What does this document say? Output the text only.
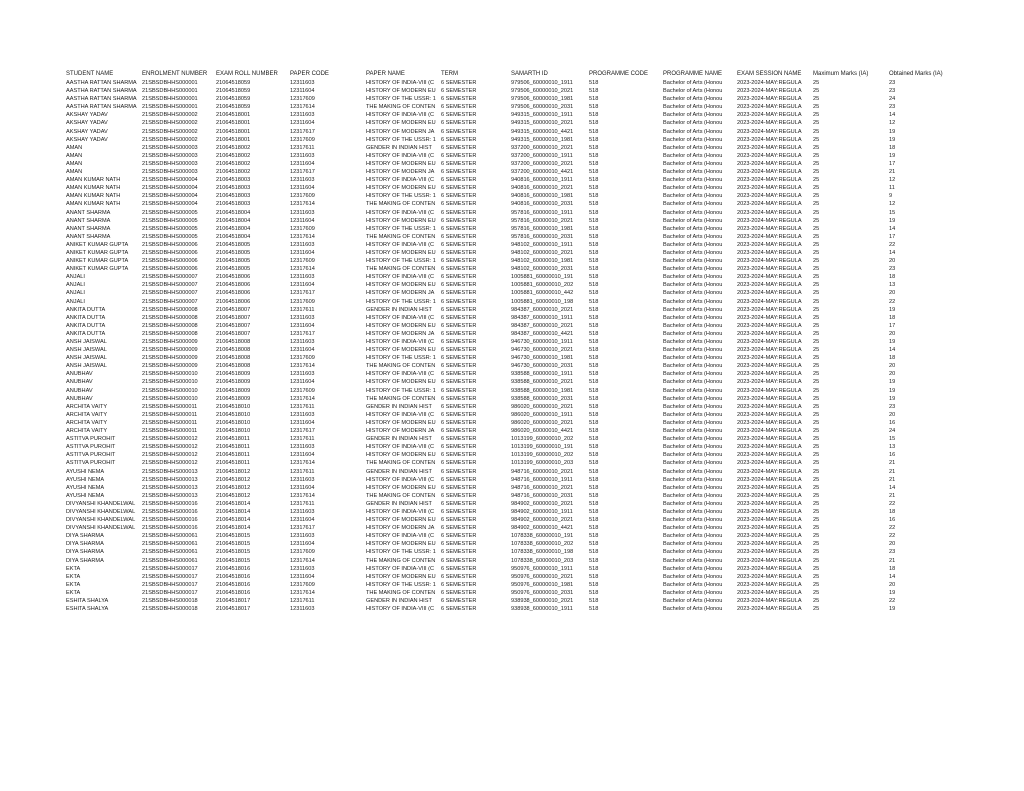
STUDENT NAME	ENROLMENT NUMBER	EXAM ROLL NUMBER	PAPER CODE	PAPER NAME	TERM	SAMARTH ID	PROGRAMME CODE	PROGRAMME NAME	EXAM SESSION NAME	Maximum Marks (IA)	Obtained Marks (IA)
AASTHA RATTAN SHARMA	21SBSDBHHS000001	21064518059	12311603	HISTORY OF INDIA-VIII (C	6 SEMESTER	979506_60000010_1911	518	Bachelor of Arts (Honou	2023-2024-MAY:REGULA	25	23
AASTHA RATTAN SHARMA	21SBSDBHHS000001	21064518059	12311604	HISTORY OF MODERN EU	6 SEMESTER	979506_60000010_2021	518	Bachelor of Arts (Honou	2023-2024-MAY:REGULA	25	23
AASTHA RATTAN SHARMA	21SBSDBHHS000001	21064518059	12317609	HISTORY OF THE USSR: 1	6 SEMESTER	979506_60000010_1981	518	Bachelor of Arts (Honou	2023-2024-MAY:REGULA	25	24
AASTHA RATTAN SHARMA	21SBSDBHHS000001	21064518059	12317614	THE MAKING OF CONTEN	6 SEMESTER	979506_60000010_2031	518	Bachelor of Arts (Honou	2023-2024-MAY:REGULA	25	23
AKSHAY YADAV	21SBSDBHHS000002	21064518001	12311603	HISTORY OF INDIA-VIII (C	6 SEMESTER	949315_60000010_1911	518	Bachelor of Arts (Honou	2023-2024-MAY:REGULA	25	14
AKSHAY YADAV	21SBSDBHHS000002	21064518001	12311604	HISTORY OF MODERN EU	6 SEMESTER	949315_60000010_2021	518	Bachelor of Arts (Honou	2023-2024-MAY:REGULA	25	12
AKSHAY YADAV	21SBSDBHHS000002	21064518001	12317617	HISTORY OF MODERN JA	6 SEMESTER	949315_60000010_4421	518	Bachelor of Arts (Honou	2023-2024-MAY:REGULA	25	19
AKSHAY YADAV	21SBSDBHHS000002	21064518001	12317609	HISTORY OF THE USSR: 1	6 SEMESTER	949315_60000010_1981	518	Bachelor of Arts (Honou	2023-2024-MAY:REGULA	25	19
AMAN	21SBSDBHHS000003	21064518002	12317611	GENDER IN INDIAN HIST	6 SEMESTER	937200_60000010_2021	518	Bachelor of Arts (Honou	2023-2024-MAY:REGULA	25	18
AMAN	21SBSDBHHS000003	21064518002	12311603	HISTORY OF INDIA-VIII (C	6 SEMESTER	937200_60000010_1911	518	Bachelor of Arts (Honou	2023-2024-MAY:REGULA	25	19
AMAN	21SBSDBHHS000003	21064518002	12311604	HISTORY OF MODERN EU	6 SEMESTER	937200_60000010_2021	518	Bachelor of Arts (Honou	2023-2024-MAY:REGULA	25	17
AMAN	21SBSDBHHS000003	21064518002	12317617	HISTORY OF MODERN JA	6 SEMESTER	937200_60000010_4421	518	Bachelor of Arts (Honou	2023-2024-MAY:REGULA	25	21
AMAN KUMAR NATH	21SBSDBHHS000004	21064518003	12311603	HISTORY OF INDIA-VIII (C	6 SEMESTER	940816_60000010_1911	518	Bachelor of Arts (Honou	2023-2024-MAY:REGULA	25	12
AMAN KUMAR NATH	21SBSDBHHS000004	21064518003	12311604	HISTORY OF MODERN EU	6 SEMESTER	940816_60000010_2021	518	Bachelor of Arts (Honou	2023-2024-MAY:REGULA	25	11
AMAN KUMAR NATH	21SBSDBHHS000004	21064518003	12317609	HISTORY OF THE USSR: 1	6 SEMESTER	940816_60000010_1981	518	Bachelor of Arts (Honou	2023-2024-MAY:REGULA	25	9
AMAN KUMAR NATH	21SBSDBHHS000004	21064518003	12317614	THE MAKING OF CONTEN	6 SEMESTER	940816_60000010_2031	518	Bachelor of Arts (Honou	2023-2024-MAY:REGULA	25	12
ANANT SHARMA	21SBSDBHHS000005	21064518004	12311603	HISTORY OF INDIA-VIII (C	6 SEMESTER	957816_60000010_1911	518	Bachelor of Arts (Honou	2023-2024-MAY:REGULA	25	15
ANANT SHARMA	21SBSDBHHS000005	21064518004	12311604	HISTORY OF MODERN EU	6 SEMESTER	957816_60000010_2021	518	Bachelor of Arts (Honou	2023-2024-MAY:REGULA	25	19
ANANT SHARMA	21SBSDBHHS000005	21064518004	12317609	HISTORY OF THE USSR: 1	6 SEMESTER	957816_60000010_1981	518	Bachelor of Arts (Honou	2023-2024-MAY:REGULA	25	14
ANANT SHARMA	21SBSDBHHS000005	21064518004	12317614	THE MAKING OF CONTEN	6 SEMESTER	957816_60000010_2031	518	Bachelor of Arts (Honou	2023-2024-MAY:REGULA	25	17
ANIKET KUMAR GUPTA	21SBSDBHHS000006	21064518005	12311603	HISTORY OF INDIA-VIII (C	6 SEMESTER	948102_60000010_1911	518	Bachelor of Arts (Honou	2023-2024-MAY:REGULA	25	22
ANIKET KUMAR GUPTA	21SBSDBHHS000006	21064518005	12311604	HISTORY OF MODERN EU	6 SEMESTER	948102_60000010_2021	518	Bachelor of Arts (Honou	2023-2024-MAY:REGULA	25	14
ANIKET KUMAR GUPTA	21SBSDBHHS000006	21064518005	12317609	HISTORY OF THE USSR: 1	6 SEMESTER	948102_60000010_1981	518	Bachelor of Arts (Honou	2023-2024-MAY:REGULA	25	20
ANIKET KUMAR GUPTA	21SBSDBHHS000006	21064518005	12317614	THE MAKING OF CONTEN	6 SEMESTER	948102_60000010_2031	518	Bachelor of Arts (Honou	2023-2024-MAY:REGULA	25	23
ANJALI	21SBSDBHHS000007	21064518006	12311603	HISTORY OF INDIA-VIII (C	6 SEMESTER	1005881_60000010_191	518	Bachelor of Arts (Honou	2023-2024-MAY:REGULA	25	18
ANJALI	21SBSDBHHS000007	21064518006	12311604	HISTORY OF MODERN EU	6 SEMESTER	1005881_60000010_202	518	Bachelor of Arts (Honou	2023-2024-MAY:REGULA	25	13
ANJALI	21SBSDBHHS000007	21064518006	12317617	HISTORY OF MODERN JA	6 SEMESTER	1005881_60000010_442	518	Bachelor of Arts (Honou	2023-2024-MAY:REGULA	25	20
ANJALI	21SBSDBHHS000007	21064518006	12317609	HISTORY OF THE USSR: 1	6 SEMESTER	1005881_60000010_198	518	Bachelor of Arts (Honou	2023-2024-MAY:REGULA	25	22
ANKITA DUTTA	21SBSDBHHS000008	21064518007	12317611	GENDER IN INDIAN HIST	6 SEMESTER	984387_60000010_2021	518	Bachelor of Arts (Honou	2023-2024-MAY:REGULA	25	19
ANKITA DUTTA	21SBSDBHHS000008	21064518007	12311603	HISTORY OF INDIA-VIII (C	6 SEMESTER	984387_60000010_1911	518	Bachelor of Arts (Honou	2023-2024-MAY:REGULA	25	18
ANKITA DUTTA	21SBSDBHHS000008	21064518007	12311604	HISTORY OF MODERN EU	6 SEMESTER	984387_60000010_2021	518	Bachelor of Arts (Honou	2023-2024-MAY:REGULA	25	17
ANKITA DUTTA	21SBSDBHHS000008	21064518007	12317617	HISTORY OF MODERN JA	6 SEMESTER	984387_60000010_4421	518	Bachelor of Arts (Honou	2023-2024-MAY:REGULA	25	20
ANSH JAISWAL	21SBSDBHHS000009	21064518008	12311603	HISTORY OF INDIA-VIII (C	6 SEMESTER	946730_60000010_1911	518	Bachelor of Arts (Honou	2023-2024-MAY:REGULA	25	19
ANSH JAISWAL	21SBSDBHHS000009	21064518008	12311604	HISTORY OF MODERN EU	6 SEMESTER	946730_60000010_2021	518	Bachelor of Arts (Honou	2023-2024-MAY:REGULA	25	14
ANSH JAISWAL	21SBSDBHHS000009	21064518008	12317609	HISTORY OF THE USSR: 1	6 SEMESTER	946730_60000010_1981	518	Bachelor of Arts (Honou	2023-2024-MAY:REGULA	25	18
ANSH JAISWAL	21SBSDBHHS000009	21064518008	12317614	THE MAKING OF CONTEN	6 SEMESTER	946730_60000010_2031	518	Bachelor of Arts (Honou	2023-2024-MAY:REGULA	25	20
ANUBHAV	21SBSDBHHS000010	21064518009	12311603	HISTORY OF INDIA-VIII (C	6 SEMESTER	938588_60000010_1911	518	Bachelor of Arts (Honou	2023-2024-MAY:REGULA	25	20
ANUBHAV	21SBSDBHHS000010	21064518009	12311604	HISTORY OF MODERN EU	6 SEMESTER	938588_60000010_2021	518	Bachelor of Arts (Honou	2023-2024-MAY:REGULA	25	19
ANUBHAV	21SBSDBHHS000010	21064518009	12317609	HISTORY OF THE USSR: 1	6 SEMESTER	938588_60000010_1981	518	Bachelor of Arts (Honou	2023-2024-MAY:REGULA	25	19
ANUBHAV	21SBSDBHHS000010	21064518009	12317614	THE MAKING OF CONTEN	6 SEMESTER	938588_60000010_2031	518	Bachelor of Arts (Honou	2023-2024-MAY:REGULA	25	19
ARCHITA VAITY	21SBSDBHHS000011	21064518010	12317611	GENDER IN INDIAN HIST	6 SEMESTER	986020_60000010_2021	518	Bachelor of Arts (Honou	2023-2024-MAY:REGULA	25	23
ARCHITA VAITY	21SBSDBHHS000011	21064518010	12311603	HISTORY OF INDIA-VIII (C	6 SEMESTER	986020_60000010_1911	518	Bachelor of Arts (Honou	2023-2024-MAY:REGULA	25	20
ARCHITA VAITY	21SBSDBHHS000011	21064518010	12311604	HISTORY OF MODERN EU	6 SEMESTER	986020_60000010_2021	518	Bachelor of Arts (Honou	2023-2024-MAY:REGULA	25	16
ARCHITA VAITY	21SBSDBHHS000011	21064518010	12317617	HISTORY OF MODERN JA	6 SEMESTER	986020_60000010_4421	518	Bachelor of Arts (Honou	2023-2024-MAY:REGULA	25	24
ASTITVA PUROHIT	21SBSDBHHS000012	21064518011	12317611	GENDER IN INDIAN HIST	6 SEMESTER	1013199_60000010_202	518	Bachelor of Arts (Honou	2023-2024-MAY:REGULA	25	15
ASTITVA PUROHIT	21SBSDBHHS000012	21064518011	12311603	HISTORY OF INDIA-VIII (C	6 SEMESTER	1013199_60000010_191	518	Bachelor of Arts (Honou	2023-2024-MAY:REGULA	25	13
ASTITVA PUROHIT	21SBSDBHHS000012	21064518011	12311604	HISTORY OF MODERN EU	6 SEMESTER	1013199_60000010_202	518	Bachelor of Arts (Honou	2023-2024-MAY:REGULA	25	16
ASTITVA PUROHIT	21SBSDBHHS000012	21064518011	12317614	THE MAKING OF CONTEN	6 SEMESTER	1013199_60000010_203	518	Bachelor of Arts (Honou	2023-2024-MAY:REGULA	25	21
AYUSHI NEMA	21SBSDBHHS000013	21064518012	12317611	GENDER IN INDIAN HIST	6 SEMESTER	948716_60000010_2021	518	Bachelor of Arts (Honou	2023-2024-MAY:REGULA	25	21
AYUSHI NEMA	21SBSDBHHS000013	21064518012	12311603	HISTORY OF INDIA-VIII (C	6 SEMESTER	948716_60000010_1911	518	Bachelor of Arts (Honou	2023-2024-MAY:REGULA	25	21
AYUSHI NEMA	21SBSDBHHS000013	21064518012	12311604	HISTORY OF MODERN EU	6 SEMESTER	948716_60000010_2021	518	Bachelor of Arts (Honou	2023-2024-MAY:REGULA	25	14
AYUSHI NEMA	21SBSDBHHS000013	21064518012	12317614	THE MAKING OF CONTEN	6 SEMESTER	948716_60000010_2031	518	Bachelor of Arts (Honou	2023-2024-MAY:REGULA	25	21
DIVYANSHI KHANDELWAL	21SBSDBHHS000016	21064518014	12317611	GENDER IN INDIAN HIST	6 SEMESTER	984902_60000010_2021	518	Bachelor of Arts (Honou	2023-2024-MAY:REGULA	25	22
DIVYANSHI KHANDELWAL	21SBSDBHHS000016	21064518014	12311603	HISTORY OF INDIA-VIII (C	6 SEMESTER	984902_60000010_1911	518	Bachelor of Arts (Honou	2023-2024-MAY:REGULA	25	18
DIVYANSHI KHANDELWAL	21SBSDBHHS000016	21064518014	12311604	HISTORY OF MODERN EU	6 SEMESTER	984902_60000010_2021	518	Bachelor of Arts (Honou	2023-2024-MAY:REGULA	25	16
DIVYANSHI KHANDELWAL	21SBSDBHHS000016	21064518014	12317617	HISTORY OF MODERN JA	6 SEMESTER	984902_60000010_4421	518	Bachelor of Arts (Honou	2023-2024-MAY:REGULA	25	22
DIYA SHARMA	21SBSDBHHS000061	21064518015	12311603	HISTORY OF INDIA-VIII (C	6 SEMESTER	1078338_60000010_191	518	Bachelor of Arts (Honou	2023-2024-MAY:REGULA	25	22
DIYA SHARMA	21SBSDBHHS000061	21064518015	12311604	HISTORY OF MODERN EU	6 SEMESTER	1078338_60000010_202	518	Bachelor of Arts (Honou	2023-2024-MAY:REGULA	25	20
DIYA SHARMA	21SBSDBHHS000061	21064518015	12317609	HISTORY OF THE USSR: 1	6 SEMESTER	1078338_60000010_198	518	Bachelor of Arts (Honou	2023-2024-MAY:REGULA	25	23
DIYA SHARMA	21SBSDBHHS000061	21064518015	12317614	THE MAKING OF CONTEN	6 SEMESTER	1078338_60000010_203	518	Bachelor of Arts (Honou	2023-2024-MAY:REGULA	25	21
EKTA	21SBSDBHHS000017	21064518016	12311603	HISTORY OF INDIA-VIII (C	6 SEMESTER	950976_60000010_1911	518	Bachelor of Arts (Honou	2023-2024-MAY:REGULA	25	18
EKTA	21SBSDBHHS000017	21064518016	12311604	HISTORY OF MODERN EU	6 SEMESTER	950976_60000010_2021	518	Bachelor of Arts (Honou	2023-2024-MAY:REGULA	25	14
EKTA	21SBSDBHHS000017	21064518016	12317609	HISTORY OF THE USSR: 1	6 SEMESTER	950976_60000010_1981	518	Bachelor of Arts (Honou	2023-2024-MAY:REGULA	25	20
EKTA	21SBSDBHHS000017	21064518016	12317614	THE MAKING OF CONTEN	6 SEMESTER	950976_60000010_2031	518	Bachelor of Arts (Honou	2023-2024-MAY:REGULA	25	19
ESHITA SHALYA	21SBSDBHHS000018	21064518017	12317611	GENDER IN INDIAN HIST	6 SEMESTER	938938_60000010_2021	518	Bachelor of Arts (Honou	2023-2024-MAY:REGULA	25	22
ESHITA SHALYA	21SBSDBHHS000018	21064518017	12311603	HISTORY OF INDIA-VIII (C	6 SEMESTER	938938_60000010_1911	518	Bachelor of Arts (Honou	2023-2024-MAY:REGULA	25	19
